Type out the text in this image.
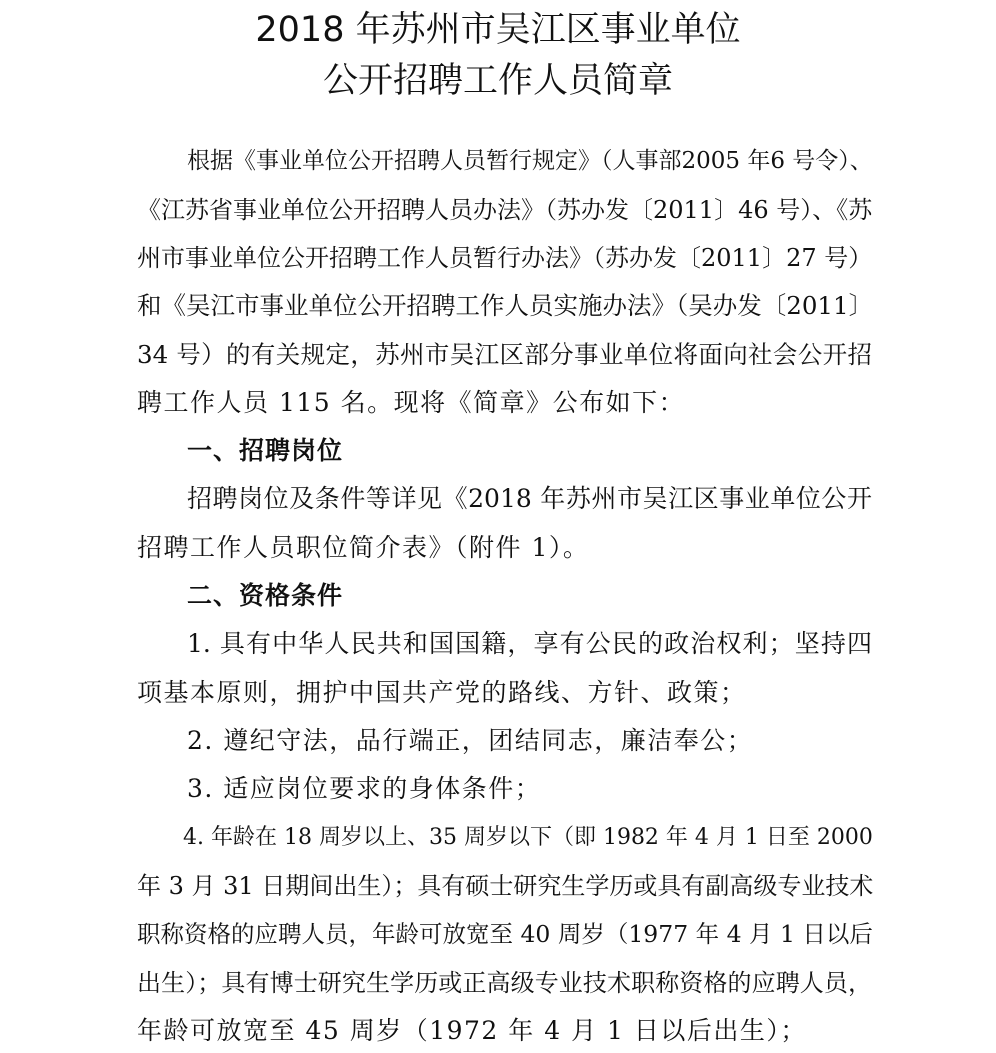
2018 年苏州市吴江区事业单位
公开招聘工作人员简章

根据《事业单位公开招聘人员暂行规定》（人事部2005 年6 号令）、

《江苏省事业单位公开招聘人员办法》（苏办发〔2011〕46 号）、《苏

州市事业单位公开招聘工作人员暂行办法》（苏办发〔2011〕27 号）

和《吴江市事业单位公开招聘工作人员实施办法》（吴办发〔2011〕

34 号）的有关规定，苏州市吴江区部分事业单位将面向社会公开招

聘工作人员 115 名。现将《简章》公布如下：

一、招聘岗位

招聘岗位及条件等详见《2018 年苏州市吴江区事业单位公开

招聘工作人员职位简介表》（附件 1）。

二、资格条件

1. 具有中华人民共和国国籍，享有公民的政治权利；坚持四

项基本原则，拥护中国共产党的路线、方针、政策；

2. 遵纪守法，品行端正，团结同志，廉洁奉公；

3. 适应岗位要求的身体条件；

4. 年龄在 18 周岁以上、35 周岁以下（即 1982 年 4 月 1 日至 2000

年 3 月 31 日期间出生）；具有硕士研究生学历或具有副高级专业技术

职称资格的应聘人员，年龄可放宽至 40 周岁（1977 年 4 月 1 日以后

出生）；具有博士研究生学历或正高级专业技术职称资格的应聘人员，

年龄可放宽至 45 周岁（1972 年 4 月 1 日以后出生）；
